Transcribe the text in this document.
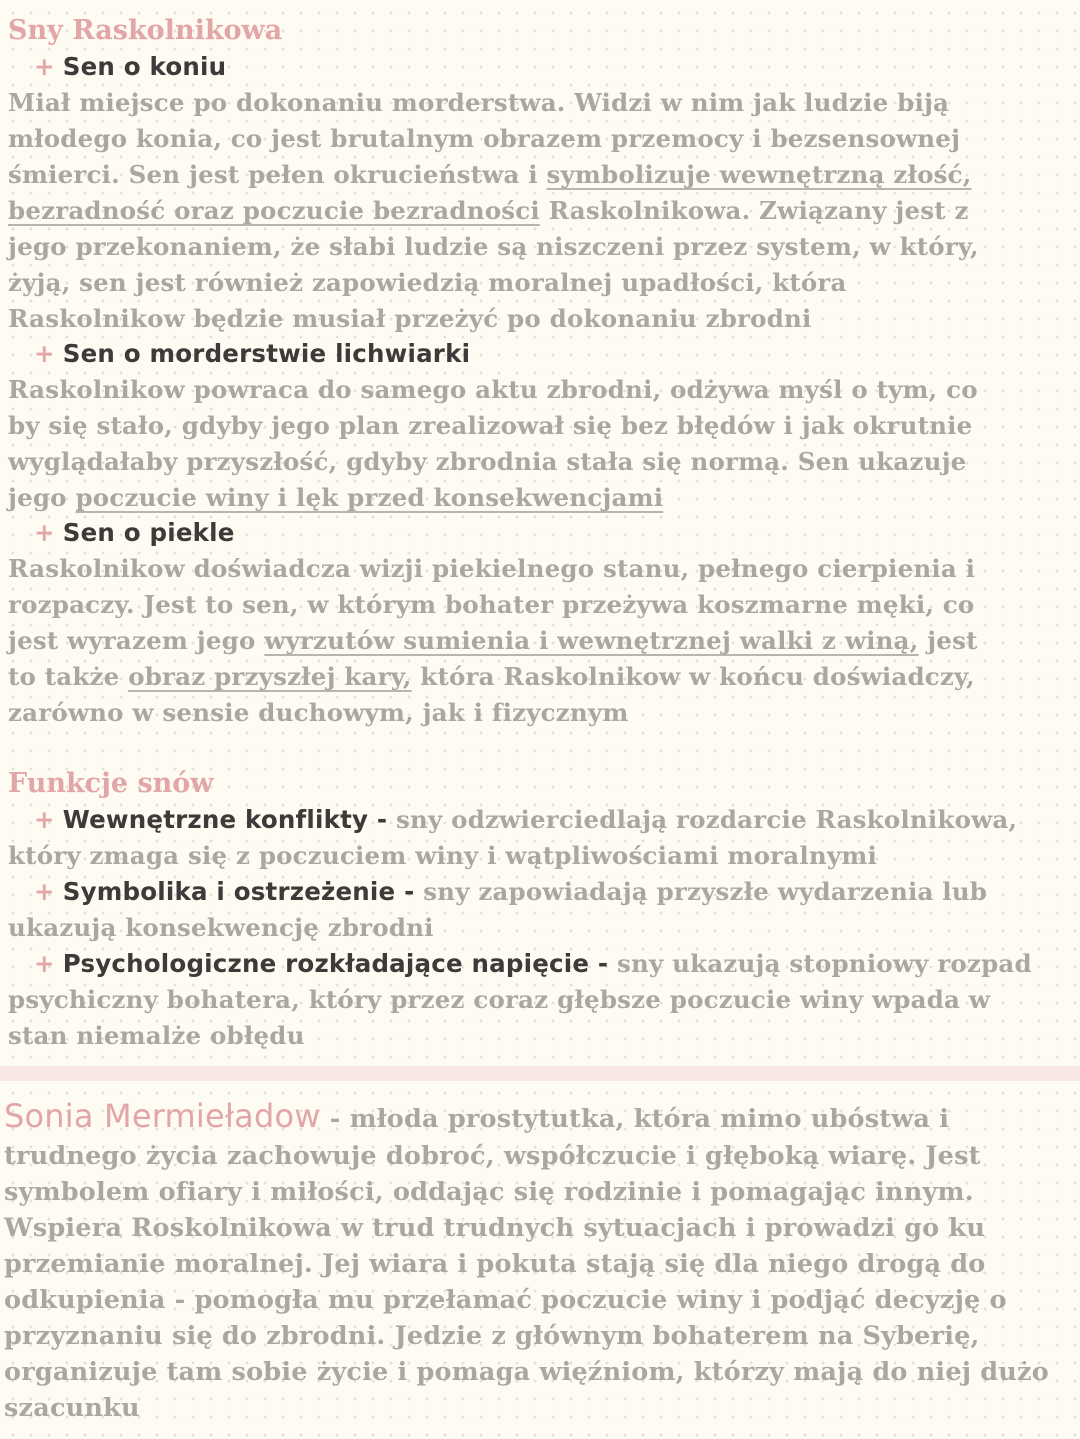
Sny Raskolnikowa
+ Sen o koniu
Miał miejsce po dokonaniu morderstwa. Widzi w nim jak ludzie biją
młodego konia, co jest brutalnym obrazem przemocy i bezsensownej
śmierci. Sen jest pełen okrucieństwa i symbolizuje wewnętrzną złość,
bezradność oraz poczucie bezradności Raskolnikowa. Związany jest z
jego przekonaniem, że słabi ludzie są niszczeni przez system, w który,
żyją, sen jest również zapowiedzią moralnej upadłości, która
Raskolnikow będzie musiał przeżyć po dokonaniu zbrodni
+ Sen o morderstwie lichwiarki
Raskolnikow powraca do samego aktu zbrodni, odżywa myśl o tym, co
by się stało, gdyby jego plan zrealizował się bez błędów i jak okrutnie
wyglądałaby przyszłość, gdyby zbrodnia stała się normą. Sen ukazuje
jego poczucie winy i lęk przed konsekwencjami
+ Sen o piekle
Raskolnikow doświadcza wizji piekielnego stanu, pełnego cierpienia i
rozpaczy. Jest to sen, w którym bohater przeżywa koszmarne męki, co
jest wyrazem jego wyrzutów sumienia i wewnętrznej walki z winą, jest
to także obraz przyszłej kary, która Raskolnikow w końcu doświadczy,
zarówno w sensie duchowym, jak i fizycznym
Funkcje snów
+ Wewnętrzne konflikty - sny odzwierciedlają rozdarcie Raskolnikowa,
który zmaga się z poczuciem winy i wątpliwościami moralnymi
+ Symbolika i ostrzeżenie - sny zapowiadają przyszłe wydarzenia lub
ukazują konsekwencję zbrodni
+ Psychologiczne rozkładające napięcie - sny ukazują stopniowy rozpad
psychiczny bohatera, który przez coraz głębsze poczucie winy wpada w
stan niemalże obłędu
Sonia Mermieładow - młoda prostytutka, która mimo ubóstwa i
trudnego życia zachowuje dobroć, współczucie i głęboką wiarę. Jest
symbolem ofiary i miłości, oddając się rodzinie i pomagając innym.
Wspiera Roskolnikowa w trud trudnych sytuacjach i prowadzi go ku
przemianie moralnej. Jej wiara i pokuta stają się dla niego drogą do
odkupienia - pomogła mu przełamać poczucie winy i podjąć decyzję o
przyznaniu się do zbrodni. Jedzie z głównym bohaterem na Syberię,
organizuje tam sobie życie i pomaga więźniom, którzy mają do niej dużo
szacunku
